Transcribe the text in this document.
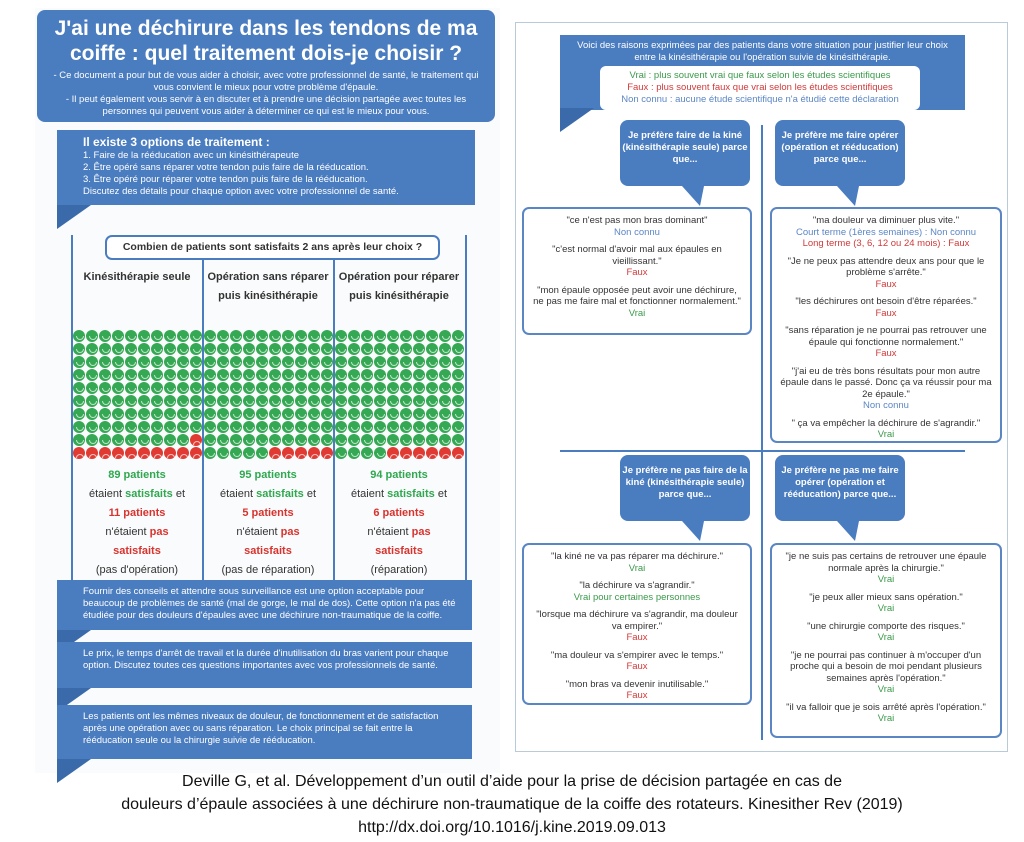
J'ai une déchirure dans les tendons de ma coiffe : quel traitement dois-je choisir ?

- Ce document a pour but de vous aider à choisir, avec votre professionnel de santé, le traitement qui vous convient le mieux pour votre problème d'épaule.

- Il peut également vous servir à en discuter et à prendre une décision partagée avec toutes les personnes qui peuvent vous aider à déterminer ce qui est le mieux pour vous.

Il existe 3 options de traitement :
1. Faire de la rééducation avec un kinésithérapeute
2. Être opéré sans réparer votre tendon puis faire de la rééducation.
3. Être opéré pour réparer votre tendon puis faire de la rééducation.
Discutez des détails pour chaque option avec votre professionnel de santé.
Combien de patients sont satisfaits 2 ans après leur choix ?
Kinésithérapie seule
89 patients
étaient satisfaits et
11 patients
n'étaient pas
satisfaits
(pas d'opération)
Opération sans réparer puis kinésithérapie
95 patients
étaient satisfaits et
5 patients
n'étaient pas
satisfaits
(pas de réparation)
Opération pour réparer puis kinésithérapie
94 patients
étaient satisfaits et
6 patients
n'étaient pas
satisfaits
(réparation)
Fournir des conseils et attendre sous surveillance est une option acceptable pour beaucoup de problèmes de santé (mal de gorge, le mal de dos). Cette option n'a pas été étudiée pour des douleurs d'épaules avec une déchirure non-traumatique de la coiffe.
Le prix, le temps d'arrêt de travail et la durée d'inutilisation du bras varient pour chaque option. Discutez toutes ces questions importantes avec vos professionnels de santé.
Les patients ont les mêmes niveaux de douleur, de fonctionnement et de satisfaction après une opération avec ou sans réparation. Le choix principal se fait entre la rééducation seule ou la chirurgie suivie de rééducation.
Voici des raisons exprimées par des patients dans votre situation pour justifier leur choix entre la kinésithérapie ou l'opération suivie de kinésithérapie.
Vrai : plus souvent vrai que faux selon les études scientifiques
Faux : plus souvent faux que vrai selon les études scientifiques
Non connu : aucune étude scientifique n'a étudié cette déclaration
Je préfère faire de la kiné (kinésithérapie seule) parce que...
"ce n'est pas mon bras dominant"
Non connu
"c'est normal d'avoir mal aux épaules en vieillissant."
Faux
"mon épaule opposée peut avoir une déchirure, ne pas me faire mal et fonctionner normalement."
Vrai
Je préfère me faire opérer (opération et rééducation) parce que...
"ma douleur va diminuer plus vite."
Court terme (1ères semaines) : Non connu
Long terme (3, 6, 12 ou 24 mois) : Faux
"Je ne peux pas attendre deux ans pour que le problème s'arrête."
Faux
"les déchirures ont besoin d'être réparées."
Faux
"sans réparation je ne pourrai pas retrouver une épaule qui fonctionne normalement."
Faux
"j'ai eu de très bons résultats pour mon autre épaule dans le passé. Donc ça va réussir pour ma 2e épaule."
Non connu
" ça va empêcher la déchirure de s'agrandir."
Vrai
Je préfère ne pas faire de la kiné (kinésithérapie seule) parce que...
"la kiné ne va pas réparer ma déchirure."
Vrai
"la déchirure va s'agrandir."
Vrai pour certaines personnes
"lorsque ma déchirure va s'agrandir, ma douleur va empirer."
Faux
"ma douleur va s'empirer avec le temps."
Faux
"mon bras va devenir inutilisable."
Faux
Je préfère ne pas me faire opérer (opération et rééducation) parce que...
"je ne suis pas certains de retrouver une épaule normale après la chirurgie."
Vrai
"je peux aller mieux sans opération."
Vrai
"une chirurgie comporte des risques."
Vrai
"je ne pourrai pas continuer à m'occuper d'un proche qui a besoin de moi pendant plusieurs semaines après l'opération."
Vrai
"il va falloir que je sois arrêté après l'opération."
Vrai
Deville G, et al. Développement d’un outil d’aide pour la prise de décision partagée en cas de
douleurs d’épaule associées à une déchirure non-traumatique de la coiffe des rotateurs. Kinesither Rev (2019)
http://dx.doi.org/10.1016/j.kine.2019.09.013
